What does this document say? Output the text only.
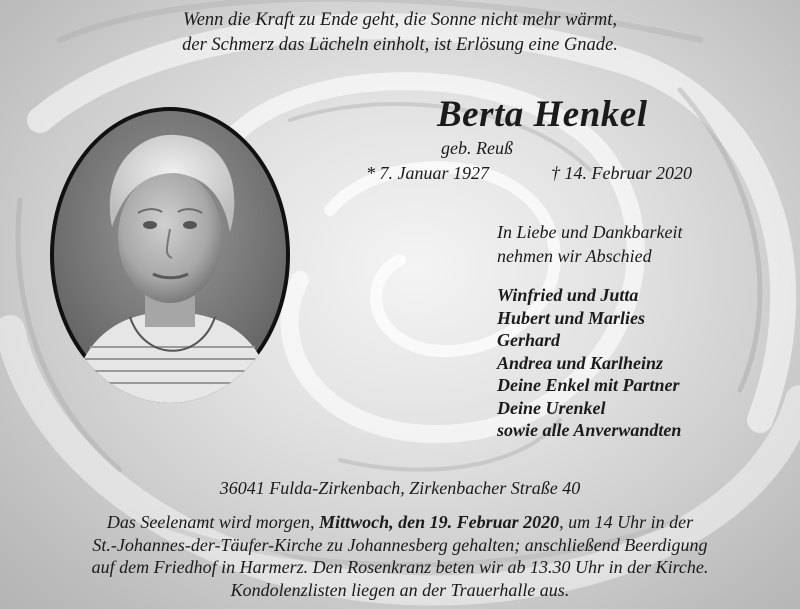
Wenn die Kraft zu Ende geht, die Sonne nicht mehr wärmt,
der Schmerz das Lächeln einholt, ist Erlösung eine Gnade.

Berta Henkel
geb. Reuß
* 7. Januar 1927	† 14. Februar 2020
In Liebe und Dankbarkeit
nehmen wir Abschied
Winfried und Jutta
Hubert und Marlies
Gerhard
Andrea und Karlheinz
Deine Enkel mit Partner
Deine Urenkel
sowie alle Anverwandten
36041 Fulda-Zirkenbach, Zirkenbacher Straße 40

Das Seelenamt wird morgen, Mittwoch, den 19. Februar 2020, um 14 Uhr in der
St.-Johannes-der-Täufer-Kirche zu Johannesberg gehalten; anschließend Beerdigung
auf dem Friedhof in Harmerz. Den Rosenkranz beten wir ab 13.30 Uhr in der Kirche.
Kondolenzlisten liegen an der Trauerhalle aus.
